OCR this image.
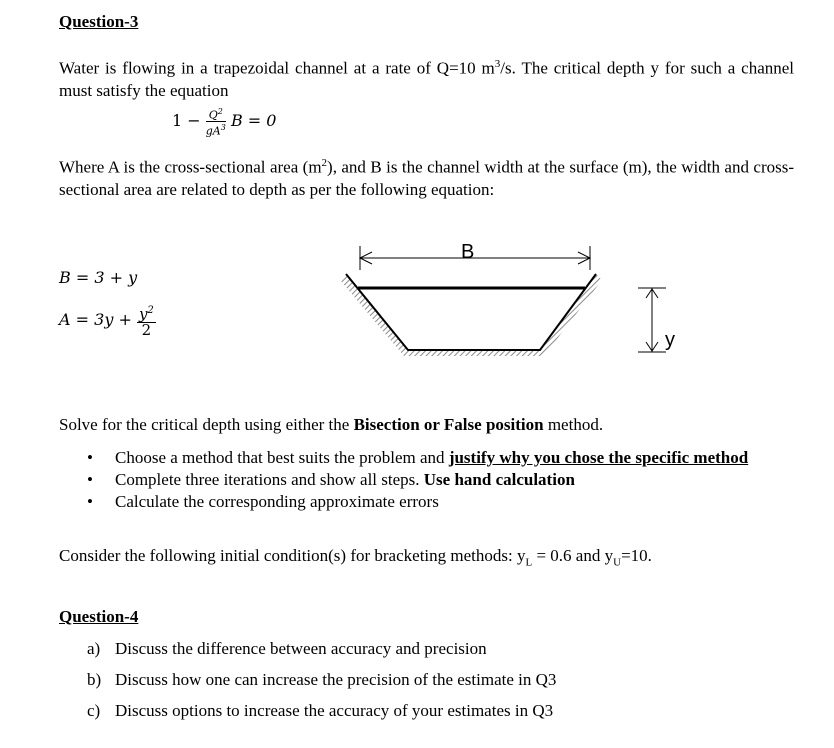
Question-3
Water is flowing in a trapezoidal channel at a rate of Q=10 $m^3/s$. The critical depth y for such a channel must satisfy the equation
$1 - \frac{Q^2}{gA^3}$ B = 0
Where A is the cross-sectional area $(m^2)$, and B is the channel width at the surface (m), the width and cross-sectional area are related to depth as per the following equation:
B = 3 + y
$A = 3y + \frac{y^2}{2}$
B
y
Solve for the critical depth using either the Bisection or False position method.
• Choose a method that best suits the problem and justify why you chose the specific method
• Complete three iterations and show all steps. Use hand calculation
• Calculate the corresponding approximate errors
Consider the following initial condition(s) for bracketing methods: $y_L = 0.6$ and $y_U=10$.
Question-4
a) Discuss the difference between accuracy and precision
b) Discuss how one can increase the precision of the estimate in Q3
c) Discuss options to increase the accuracy of your estimates in Q3
